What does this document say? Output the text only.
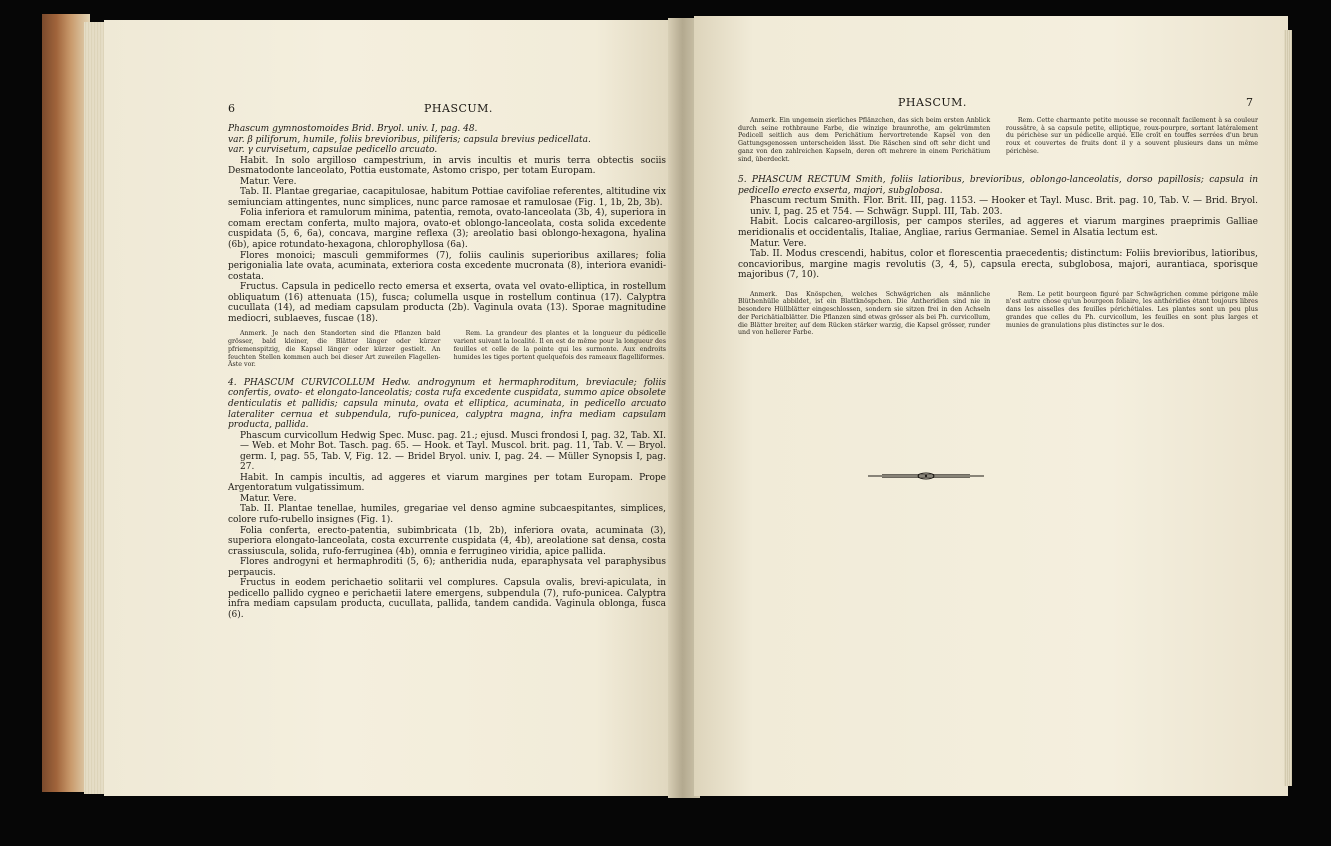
6	PHASCUM.

Phascum gymnostomoides Brid. Bryol. univ. I, pag. 48.

var. β piliforum, humile, foliis brevioribus, piliferis; capsula brevius pedicellata.

var. γ curvisetum, capsulae pedicello arcuato.

Habit. In solo argilloso campestrium, in arvis incultis et muris terra obtectis sociis Desmatodonte lanceolato, Pottia eustomate, Astomo crispo, per totam Europam.

Matur. Vere.

Tab. II. Plantae gregariae, cacapitulosae, habitum Pottiae cavifoliae referentes, altitudine vix semiunciam attingentes, nunc simplices, nunc parce ramosae et ramulosae (Fig. 1, 1b, 2b, 3b).

Folia inferiora et ramulorum minima, patentia, remota, ovato-lanceolata (3b, 4), superiora in comam erectam conferta, multo majora, ovato-et oblongo-lanceolata, costa solida excedente cuspidata (5, 6, 6a), concava, margine reflexa (3); areolatio basi oblongo-hexagona, hyalina (6b), apice rotundato-hexagona, chlorophyllosa (6a).

Flores monoici; masculi gemmiformes (7), foliis caulinis superioribus axillares; folia perigonialia late ovata, acuminata, exteriora costa excedente mucronata (8), interiora evanidi-costata.

Fructus. Capsula in pedicello recto emersa et exserta, ovata vel ovato-elliptica, in rostellum obliquatum (16) attenuata (15), fusca; columella usque in rostellum continua (17). Calyptra cucullata (14), ad mediam capsulam producta (2b). Vaginula ovata (13). Sporae magnitudine mediocri, sublaeves, fuscae (18).

Anmerk. Je nach den Standorten sind die Pflanzen bald grösser, bald kleiner, die Blätter länger oder kürzer pfriemenspitzig, die Kapsel länger oder kürzer gestielt. An feuchten Stellen kommen auch bei dieser Art zuweilen Flagellen-Äste vor.
Rem. La grandeur des plantes et la longueur du pédicelle varient suivant la localité. Il en est de même pour la longueur des feuilles et celle de la pointe qui les surmonte. Aux endroits humides les tiges portent quelquefois des rameaux flagelliformes.

4. PHASCUM CURVICOLLUM Hedw. androgynum et hermaphroditum, breviacule; foliis confertis, ovato- et elongato-lanceolatis; costa rufa excedente cuspidata, summo apice obsolete denticulatis et pallidis; capsula minuta, ovata et elliptica, acuminata, in pedicello arcuato lateraliter cernua et subpendula, rufo-punicea, calyptra magna, infra mediam capsulam producta, pallida.

Phascum curvicollum Hedwig Spec. Musc. pag. 21.; ejusd. Musci frondosi I, pag. 32, Tab. XI. — Web. et Mohr Bot. Tasch. pag. 65. — Hook. et Tayl. Muscol. brit. pag. 11, Tab. V. — Bryol. germ. I, pag. 55, Tab. V, Fig. 12. — Bridel Bryol. univ. I, pag. 24. — Müller Synopsis I, pag. 27.

Habit. In campis incultis, ad aggeres et viarum margines per totam Europam. Prope Argentoratum vulgatissimum.

Matur. Vere.

Tab. II. Plantae tenellae, humiles, gregariae vel denso agmine subcaespitantes, simplices, colore rufo-rubello insignes (Fig. 1).

Folia conferta, erecto-patentia, subimbricata (1b, 2b), inferiora ovata, acuminata (3), superiora elongato-lanceolata, costa excurrente cuspidata (4, 4b), areolatione sat densa, costa crassiuscula, solida, rufo-ferruginea (4b), omnia e ferrugineo viridia, apice pallida.

Flores androgyni et hermaphroditi (5, 6); antheridia nuda, eparaphysata vel paraphysibus perpaucis.

Fructus in eodem perichaetio solitarii vel complures. Capsula ovalis, brevi-apiculata, in pedicello pallido cygneo e perichaetii latere emergens, subpendula (7), rufo-punicea. Calyptra infra mediam capsulam producta, cucullata, pallida, tandem candida. Vaginula oblonga, fusca (6).

PHASCUM.	7
Anmerk. Ein ungemein zierliches Pflänzchen, das sich beim ersten Anblick durch seine rothbraune Farbe, die winzige braunrothe, am gekrümmten Pedicell seitlich aus dem Perichätium hervortretende Kapsel von den Gattungsgenossen unterscheiden lässt. Die Räschen sind oft sehr dicht und ganz von den zahlreichen Kapseln, deren oft mehrere in einem Perichätium sind, überdeckt.
Rem. Cette charmante petite mousse se reconnaît facilement à sa couleur roussâtre, à sa capsule petite, elliptique, roux-pourpre, sortant latéralement du périchèse sur un pédicelle arqué. Elle croît en touffes serrées d'un brun roux et couvertes de fruits dont il y a souvent plusieurs dans un même périchèse.

5. PHASCUM RECTUM Smith, foliis latioribus, brevioribus, oblongo-lanceolatis, dorso papillosis; capsula in pedicello erecto exserta, majori, subglobosa.

Phascum rectum Smith. Flor. Brit. III, pag. 1153. — Hooker et Tayl. Musc. Brit. pag. 10, Tab. V. — Brid. Bryol. univ. I, pag. 25 et 754. — Schwägr. Suppl. III, Tab. 203.

Habit. Locis calcareo-argillosis, per campos steriles, ad aggeres et viarum margines praeprimis Galliae meridionalis et occidentalis, Italiae, Angliae, rarius Germaniae. Semel in Alsatia lectum est.

Matur. Vere.

Tab. II. Modus crescendi, habitus, color et florescentia praecedentis; distinctum: Foliis brevioribus, latioribus, concavioribus, margine magis revolutis (3, 4, 5), capsula erecta, subglobosa, majori, aurantiaca, sporisque majoribus (7, 10).

Anmerk. Das Knöspchen, welches Schwägrichen als männliche Blüthenhülle abbildet, ist ein Blattknöspchen. Die Antheridien sind nie in besondere Hüllblätter eingeschlossen, sondern sie sitzen frei in den Achseln der Perichätialblätter. Die Pflanzen sind etwas grösser als bei Ph. curvicollum, die Blätter breiter, auf dem Rücken stärker warzig, die Kapsel grösser, runder und von hellerer Farbe.
Rem. Le petit bourgeon figuré par Schwägrichen comme périgone mâle n'est autre chose qu'un bourgeon foliaire, les anthéridies étant toujours libres dans les aisselles des feuilles périchétiales. Les plantes sont un peu plus grandes que celles du Ph. curvicollum, les feuilles en sont plus larges et munies de granulations plus distinctes sur le dos.
